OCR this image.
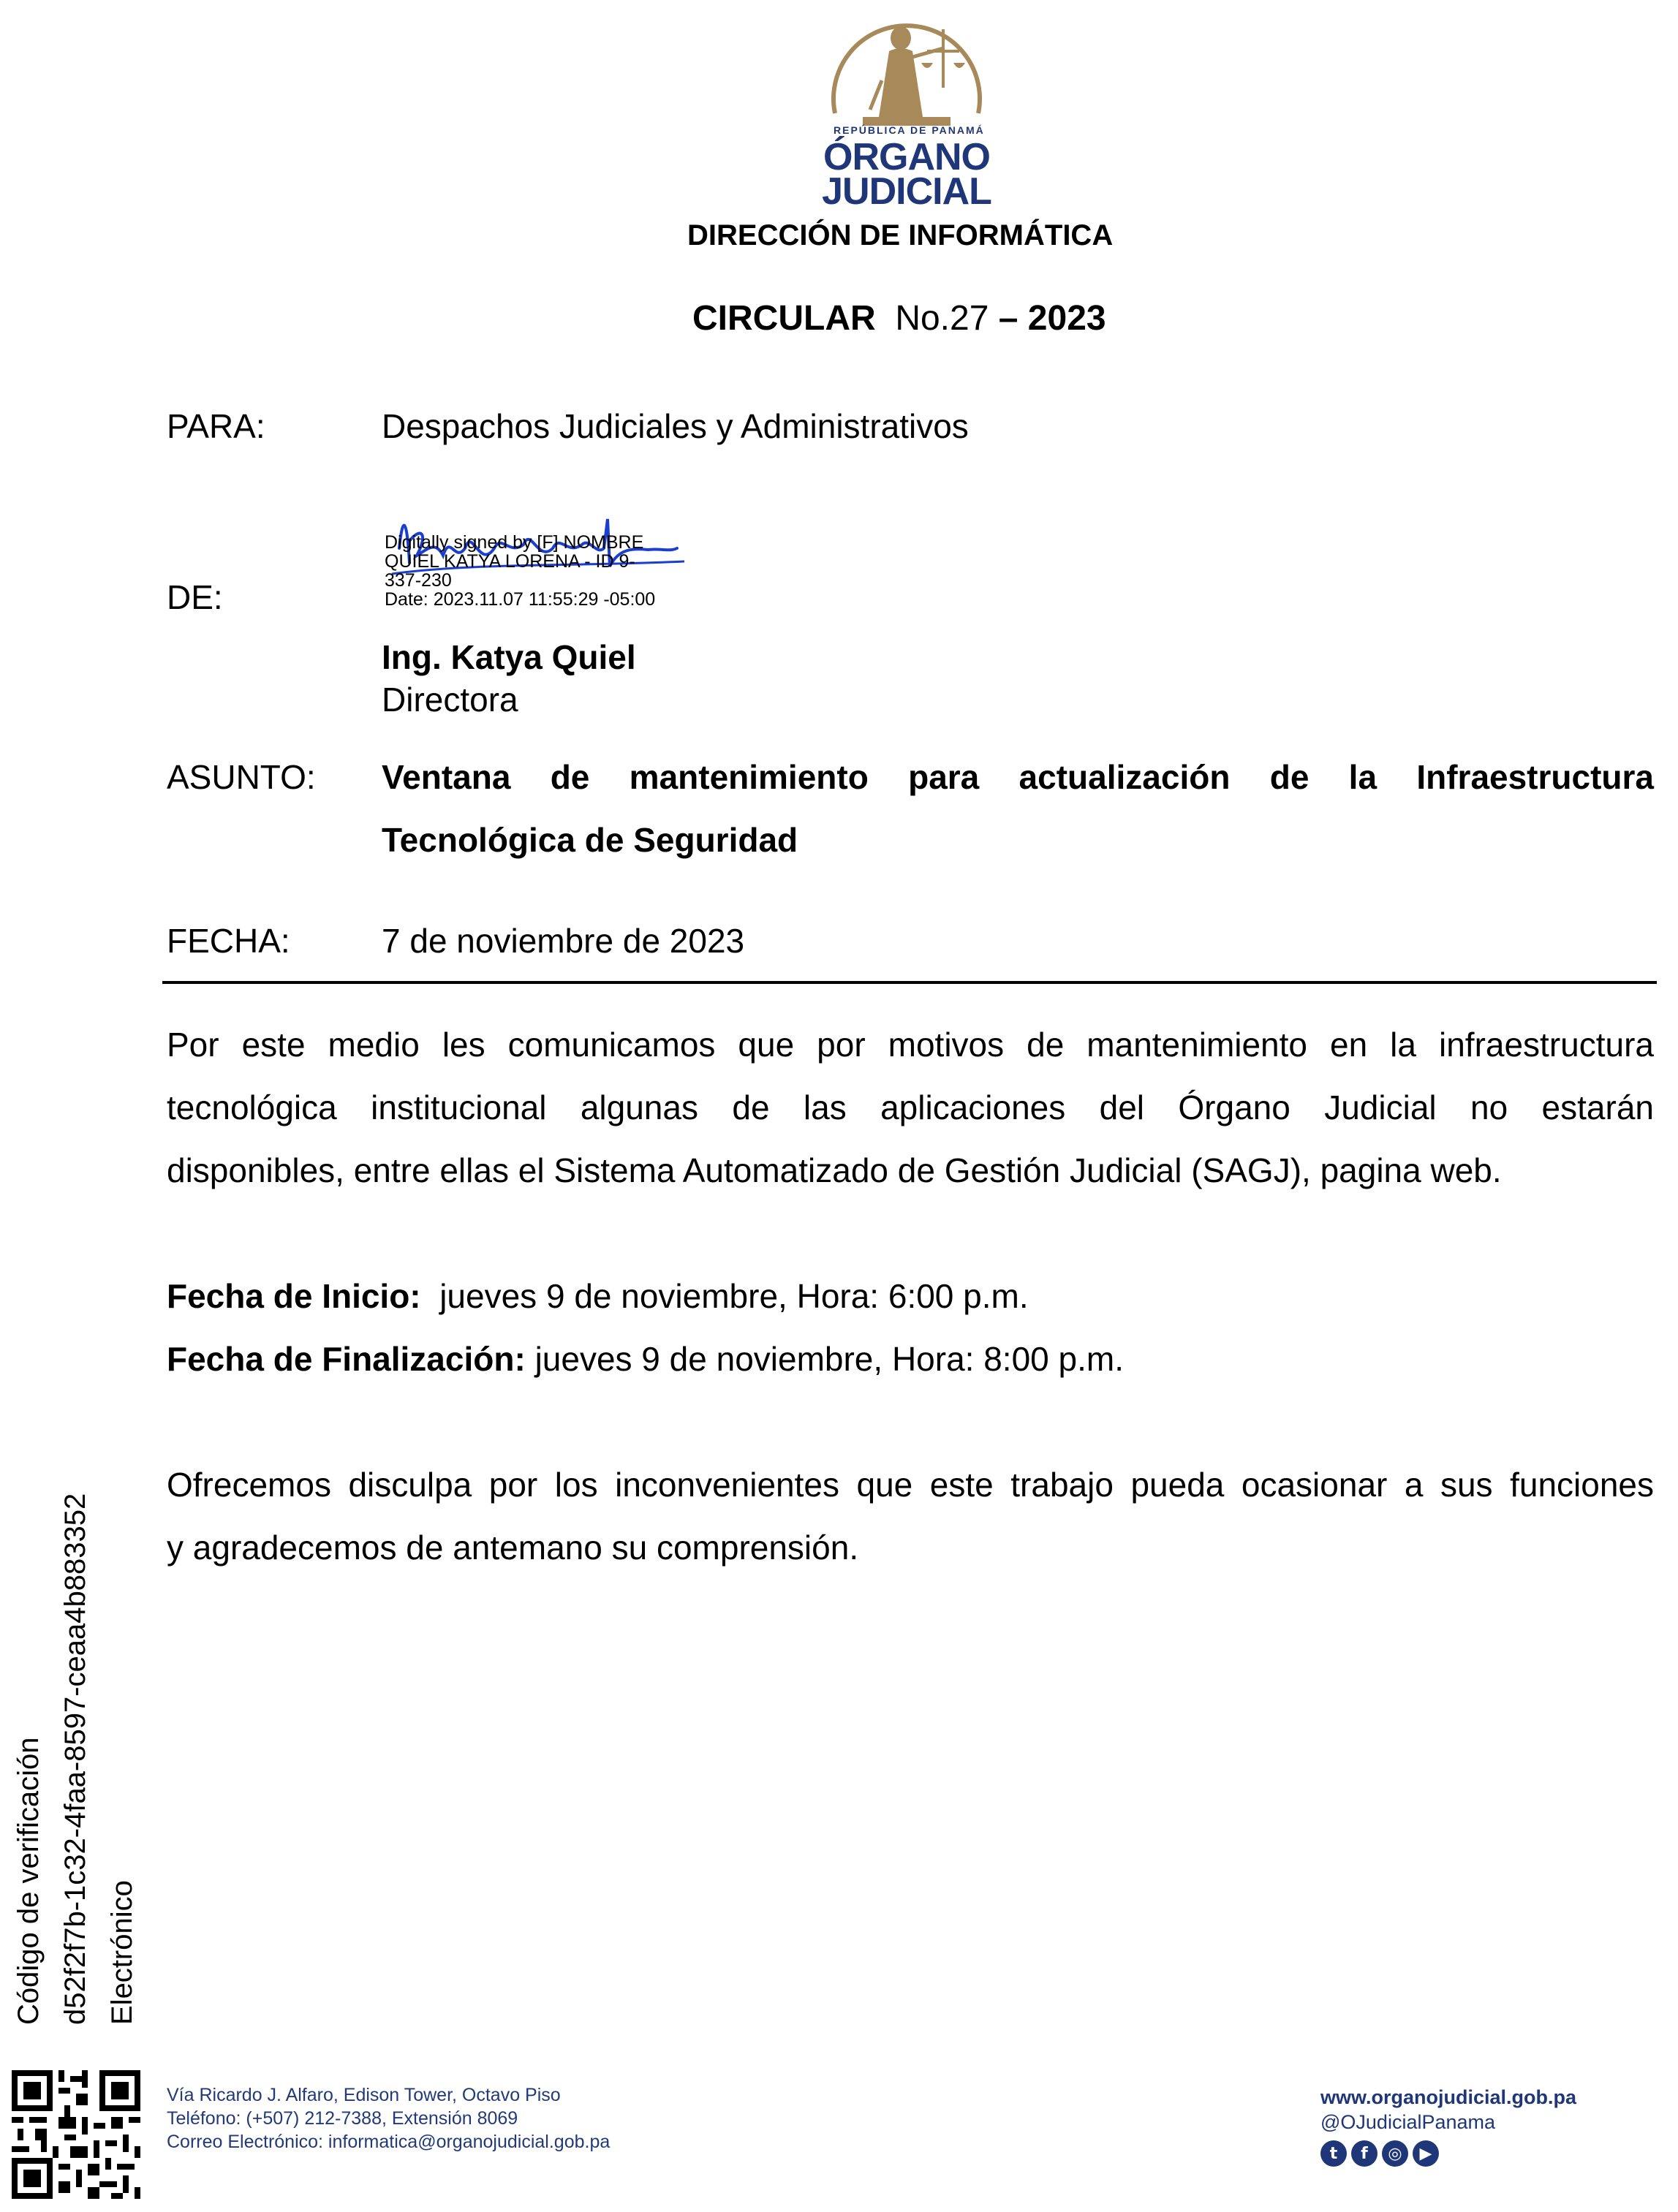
REPÚBLICA DE PANAMÁ
ÓRGANO
JUDICIAL
DIRECCIÓN DE INFORMÁTICA
CIRCULAR No.27 – 2023
PARA:	Despachos Judiciales y Administrativos
DE:
Digitally signed by [F] NOMBRE
QUIEL KATYA LORENA - ID 9-
337-230
Date: 2023.11.07 11:55:29 -05:00
Ing. Katya Quiel
Directora
ASUNTO: Ventana de mantenimiento para actualización de la Infraestructura
Tecnológica de Seguridad
FECHA:	7 de noviembre de 2023
Por este medio les comunicamos que por motivos de mantenimiento en la infraestructura
tecnológica institucional algunas de las aplicaciones del Órgano Judicial no estarán
disponibles, entre ellas el Sistema Automatizado de Gestión Judicial (SAGJ), pagina web.
Fecha de Inicio: jueves 9 de noviembre, Hora: 6:00 p.m.
Fecha de Finalización: jueves 9 de noviembre, Hora: 8:00 p.m.
Ofrecemos disculpa por los inconvenientes que este trabajo pueda ocasionar a sus funciones
y agradecemos de antemano su comprensión.
Código de verificación d52f2f7b-1c32-4faa-8597-ceaa4b883352 Electrónico
Vía Ricardo J. Alfaro, Edison Tower, Octavo Piso
Teléfono: (+507) 212-7388, Extensión 8069
Correo Electrónico: informatica@organojudicial.gob.pa
www.organojudicial.gob.pa
@OJudicialPanama
t	f	◎	▶
